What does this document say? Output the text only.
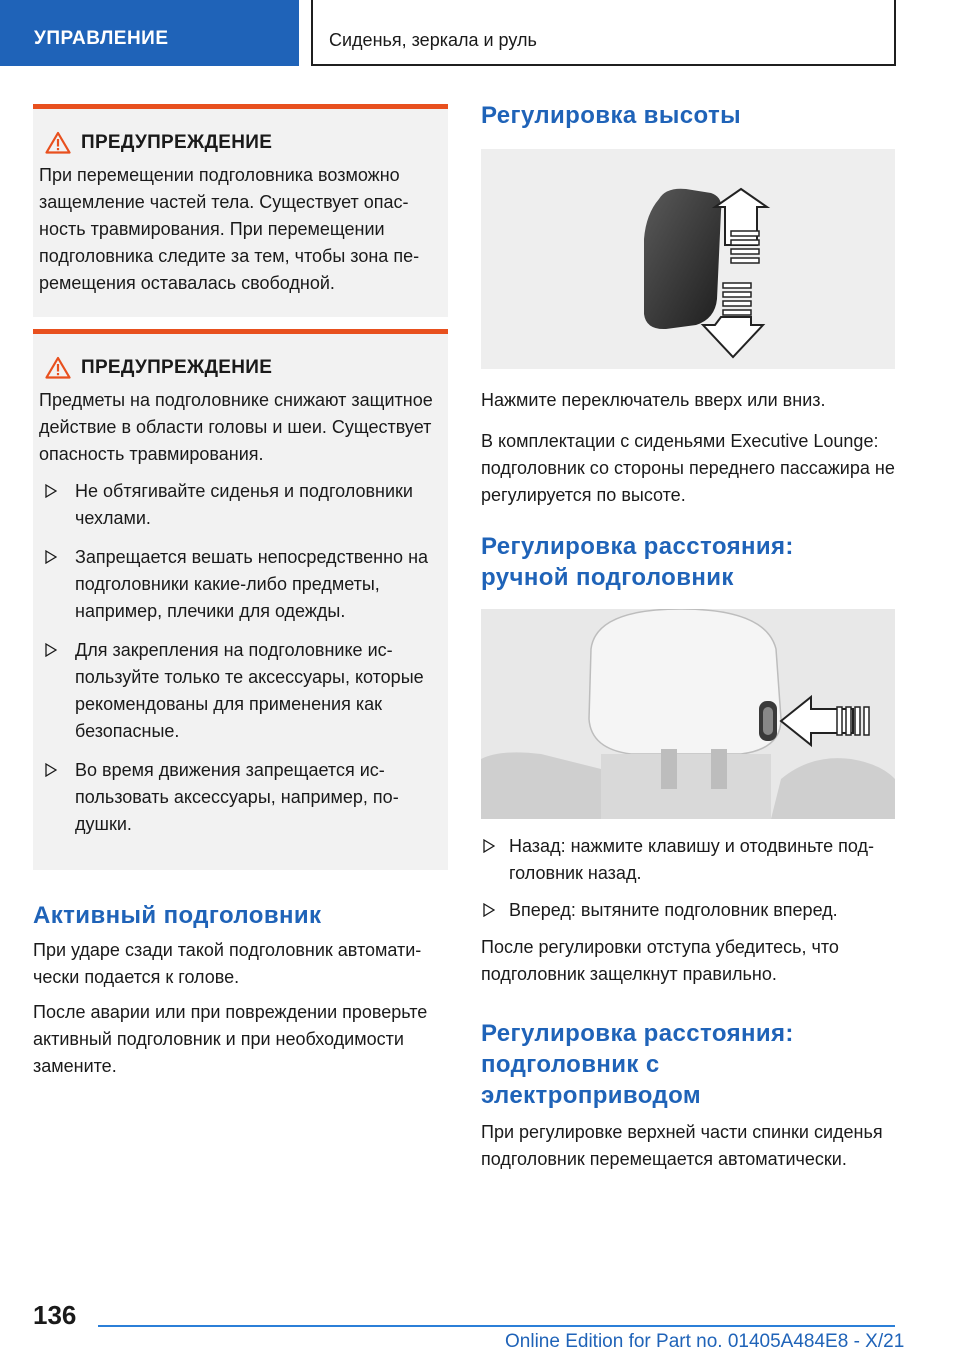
УПРАВЛЕНИЕ	Сиденья, зеркала и руль
ПРЕДУПРЕЖДЕНИЕ

При перемещении подголовника возможно защемление частей тела. Существует опасность травмирования. При перемещении подголовника следите за тем, чтобы зона перемещения оставалась свободной.

ПРЕДУПРЕЖДЕНИЕ

Предметы на подголовнике снижают защитное действие в области головы и шеи. Существует опасность травмирования.

Не обтягивайте сиденья и подголовники чехлами.
Запрещается вешать непосредственно на подголовники какие-либо предметы, например, плечики для одежды.
Для закрепления на подголовнике используйте только те аксессуары, которые рекомендованы для применения как безопасные.
Во время движения запрещается использовать аксессуары, например, подушки.
Активный подголовник

При ударе сзади такой подголовник автоматически подается к голове.

После аварии или при повреждении проверьте активный подголовник и при необходимости замените.

Регулировка высоты

Нажмите переключатель вверх или вниз.

В комплектации с сиденьями Executive Lounge: подголовник со стороны переднего пассажира не регулируется по высоте.

Регулировка расстояния: ручной подголовник
Назад: нажмите клавишу и отодвиньте подголовник назад.
Вперед: вытяните подголовник вперед.

После регулировки отступа убедитесь, что подголовник защелкнут правильно.

Регулировка расстояния: подголовник с электроприводом

При регулировке верхней части спинки сиденья подголовник перемещается автоматически.

136
Online Edition for Part no. 01405A484E8 - X/21
